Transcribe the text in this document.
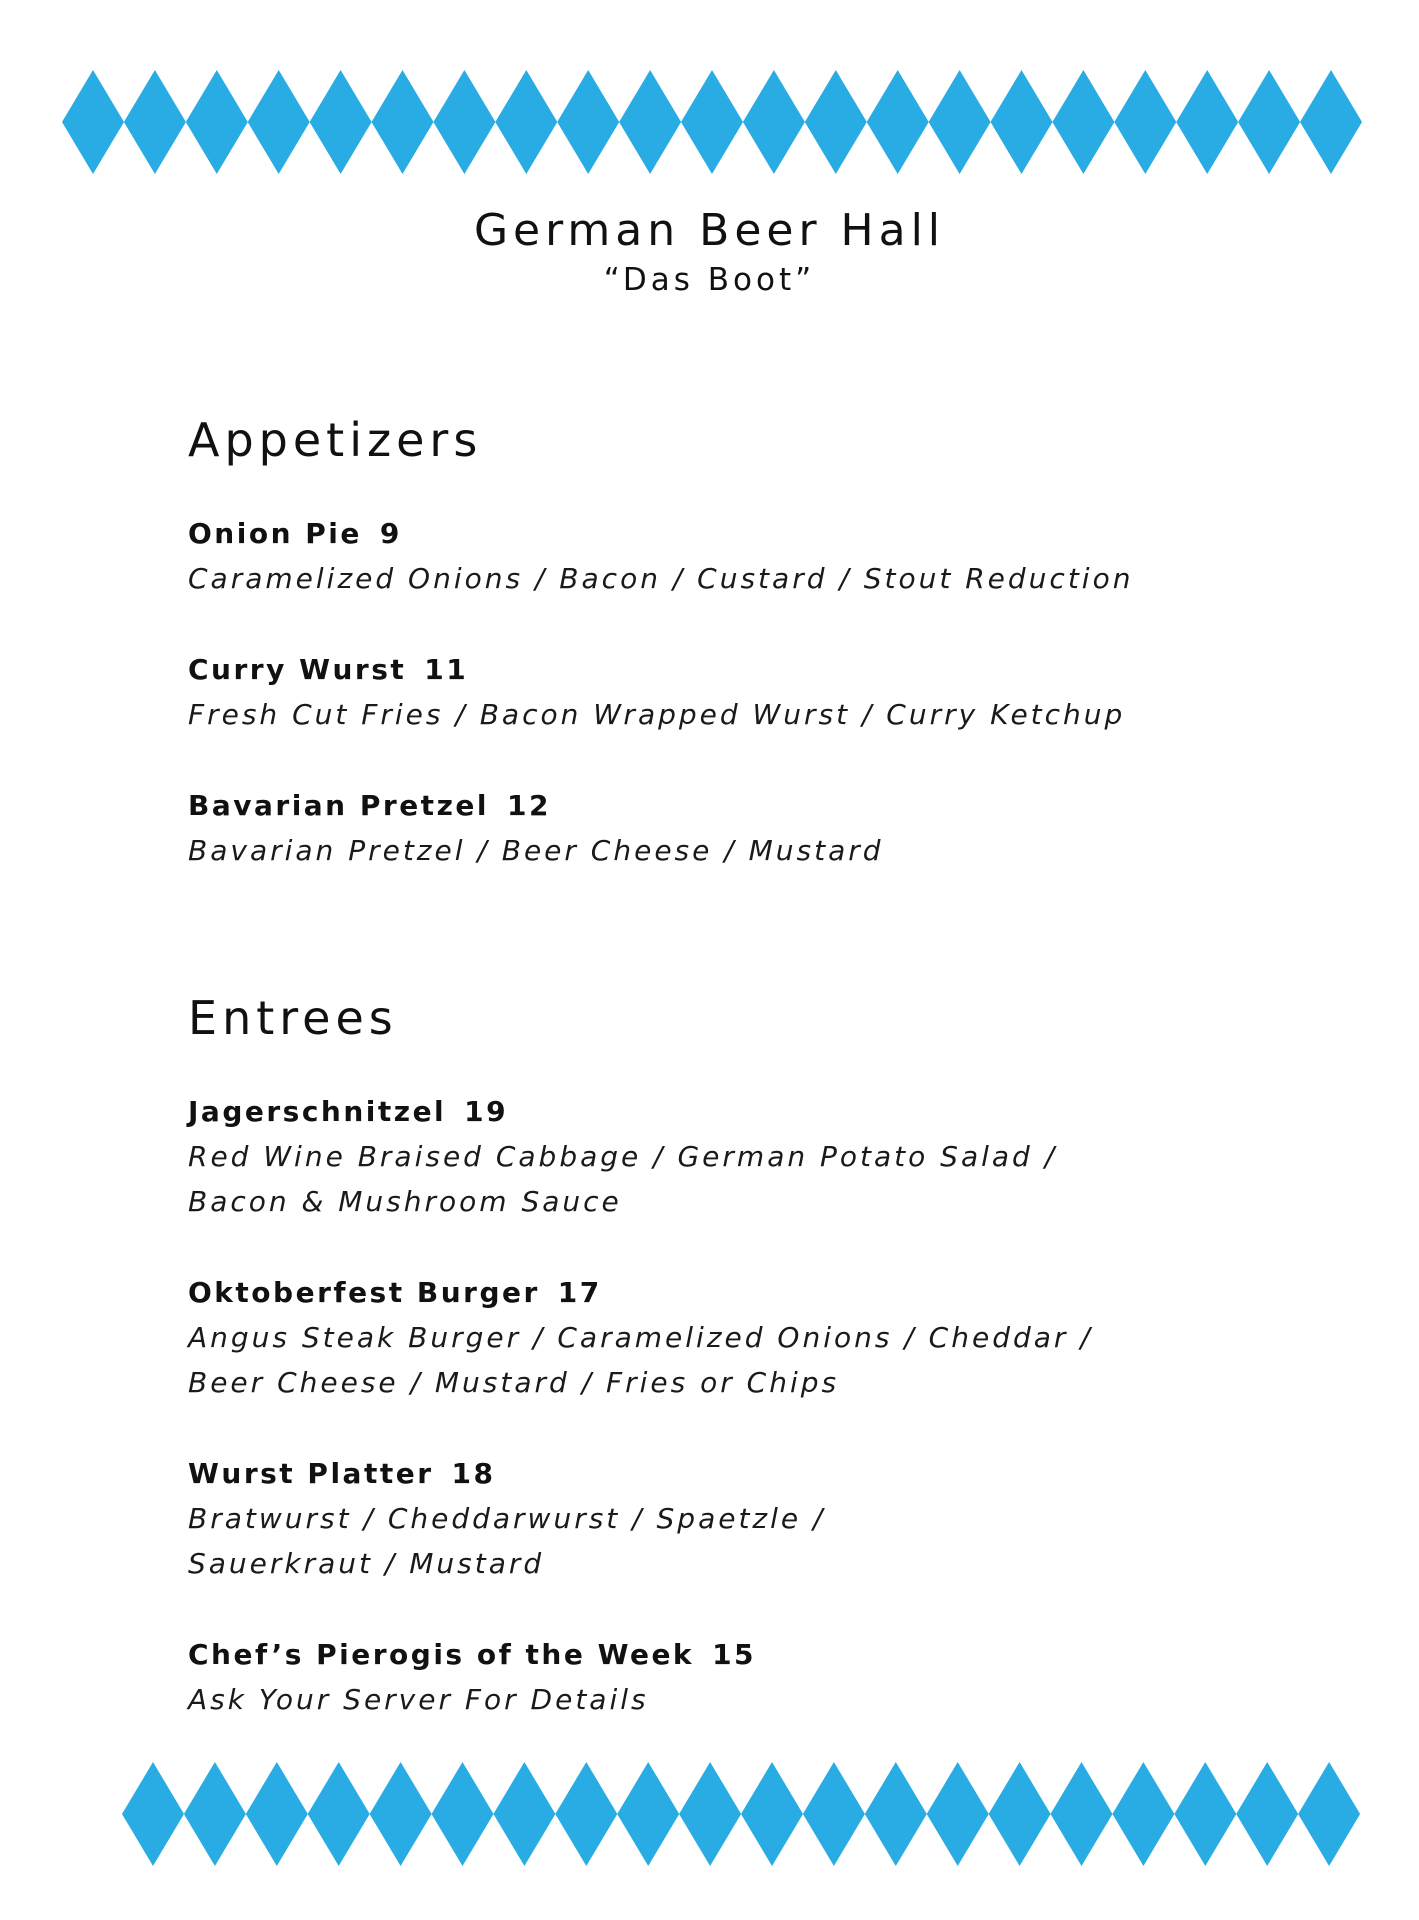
German Beer Hall

“Das Boot”

Appetizers

Onion Pie 9

Caramelized Onions / Bacon / Custard / Stout Reduction

Curry Wurst 11

Fresh Cut Fries / Bacon Wrapped Wurst / Curry Ketchup

Bavarian Pretzel 12

Bavarian Pretzel / Beer Cheese / Mustard

Entrees

Jagerschnitzel 19

Red Wine Braised Cabbage / German Potato Salad /

Bacon & Mushroom Sauce

Oktoberfest Burger 17

Angus Steak Burger / Caramelized Onions / Cheddar /

Beer Cheese / Mustard / Fries or Chips

Wurst Platter 18

Bratwurst / Cheddarwurst / Spaetzle /

Sauerkraut / Mustard

Chef’s Pierogis of the Week 15

Ask Your Server For Details
